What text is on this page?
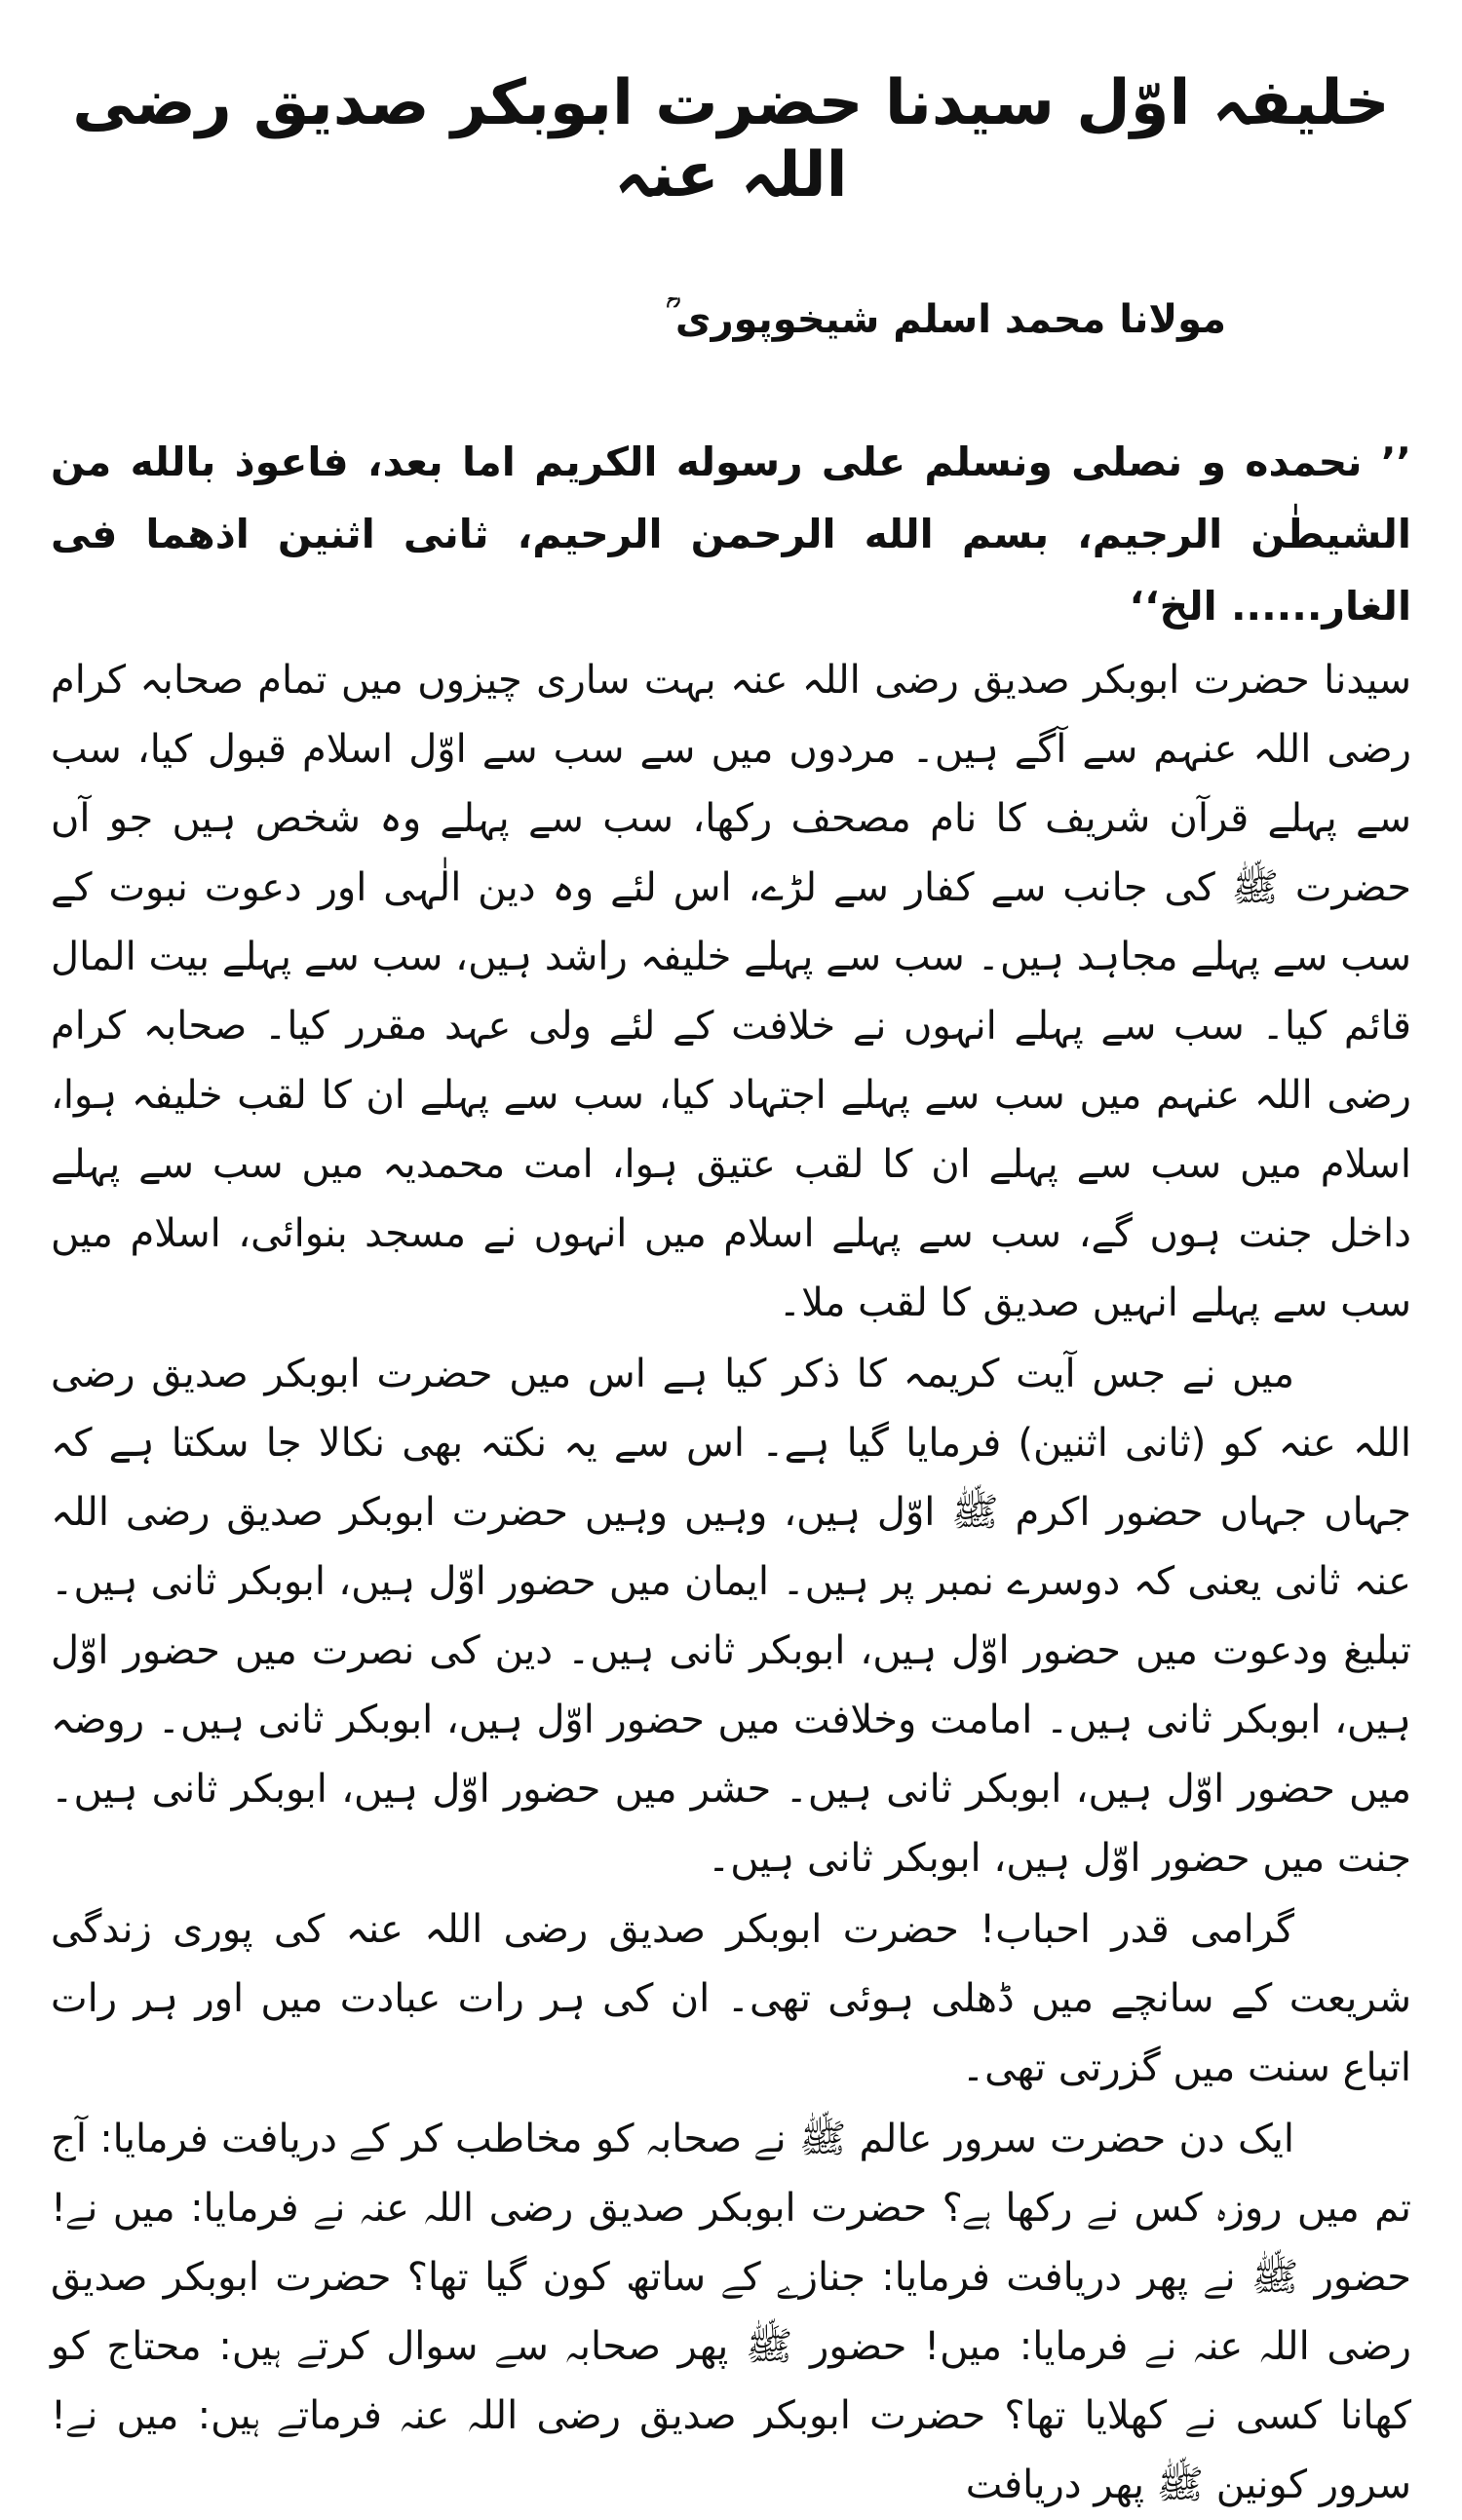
خلیفہ اوّل سیدنا حضرت ابوبکر صدیق رضی اللہ عنہ
مولانا محمد اسلم شیخوپوری ؒ

’’ نحمده و نصلى ونسلم على رسوله الكريم اما بعد، فاعوذ بالله من الشيطٰن الرجيم، بسم الله الرحمن الرحيم، ثانى اثنين اذهما فى الغار...... الخ‘‘

سیدنا حضرت ابوبکر صدیق رضی اللہ عنہ بہت ساری چیزوں میں تمام صحابہ کرام رضی اللہ عنہم سے آگے ہیں۔ مردوں میں سے سب سے اوّل اسلام قبول کیا، سب سے پہلے قرآن شریف کا نام مصحف رکھا، سب سے پہلے وہ شخص ہیں جو آں حضرت ﷺ کی جانب سے کفار سے لڑے، اس لئے وہ دین الٰہی اور دعوت نبوت کے سب سے پہلے مجاہد ہیں۔ سب سے پہلے خلیفہ راشد ہیں، سب سے پہلے بیت المال قائم کیا۔ سب سے پہلے انہوں نے خلافت کے لئے ولی عہد مقرر کیا۔ صحابہ کرام رضی اللہ عنہم میں سب سے پہلے اجتہاد کیا، سب سے پہلے ان کا لقب خلیفہ ہوا، اسلام میں سب سے پہلے ان کا لقب عتیق ہوا، امت محمدیہ میں سب سے پہلے داخل جنت ہوں گے، سب سے پہلے اسلام میں انہوں نے مسجد بنوائی، اسلام میں سب سے پہلے انہیں صدیق کا لقب ملا۔

میں نے جس آیت کریمہ کا ذکر کیا ہے اس میں حضرت ابوبکر صدیق رضی اللہ عنہ کو (ثانی اثنین) فرمایا گیا ہے۔ اس سے یہ نکتہ بھی نکالا جا سکتا ہے کہ جہاں جہاں حضور اکرم ﷺ اوّل ہیں، وہیں وہیں حضرت ابوبکر صدیق رضی اللہ عنہ ثانی یعنی کہ دوسرے نمبر پر ہیں۔ ایمان میں حضور اوّل ہیں، ابوبکر ثانی ہیں۔ تبلیغ ودعوت میں حضور اوّل ہیں، ابوبکر ثانی ہیں۔ دین کی نصرت میں حضور اوّل ہیں، ابوبکر ثانی ہیں۔ امامت وخلافت میں حضور اوّل ہیں، ابوبکر ثانی ہیں۔ روضہ میں حضور اوّل ہیں، ابوبکر ثانی ہیں۔ حشر میں حضور اوّل ہیں، ابوبکر ثانی ہیں۔ جنت میں حضور اوّل ہیں، ابوبکر ثانی ہیں۔

گرامی قدر احباب! حضرت ابوبکر صدیق رضی اللہ عنہ کی پوری زندگی شریعت کے سانچے میں ڈھلی ہوئی تھی۔ ان کی ہر رات عبادت میں اور ہر رات اتباع سنت میں گزرتی تھی۔

ایک دن حضرت سرور عالم ﷺ نے صحابہ کو مخاطب کر کے دریافت فرمایا: آج تم میں روزہ کس نے رکھا ہے؟ حضرت ابوبکر صدیق رضی اللہ عنہ نے فرمایا: میں نے! حضور ﷺ نے پھر دریافت فرمایا: جنازے کے ساتھ کون گیا تھا؟ حضرت ابوبکر صدیق رضی اللہ عنہ نے فرمایا: میں! حضور ﷺ پھر صحابہ سے سوال کرتے ہیں: محتاج کو کھانا کسی نے کھلایا تھا؟ حضرت ابوبکر صدیق رضی اللہ عنہ فرماتے ہیں: میں نے! سرور کونین ﷺ پھر دریافت
